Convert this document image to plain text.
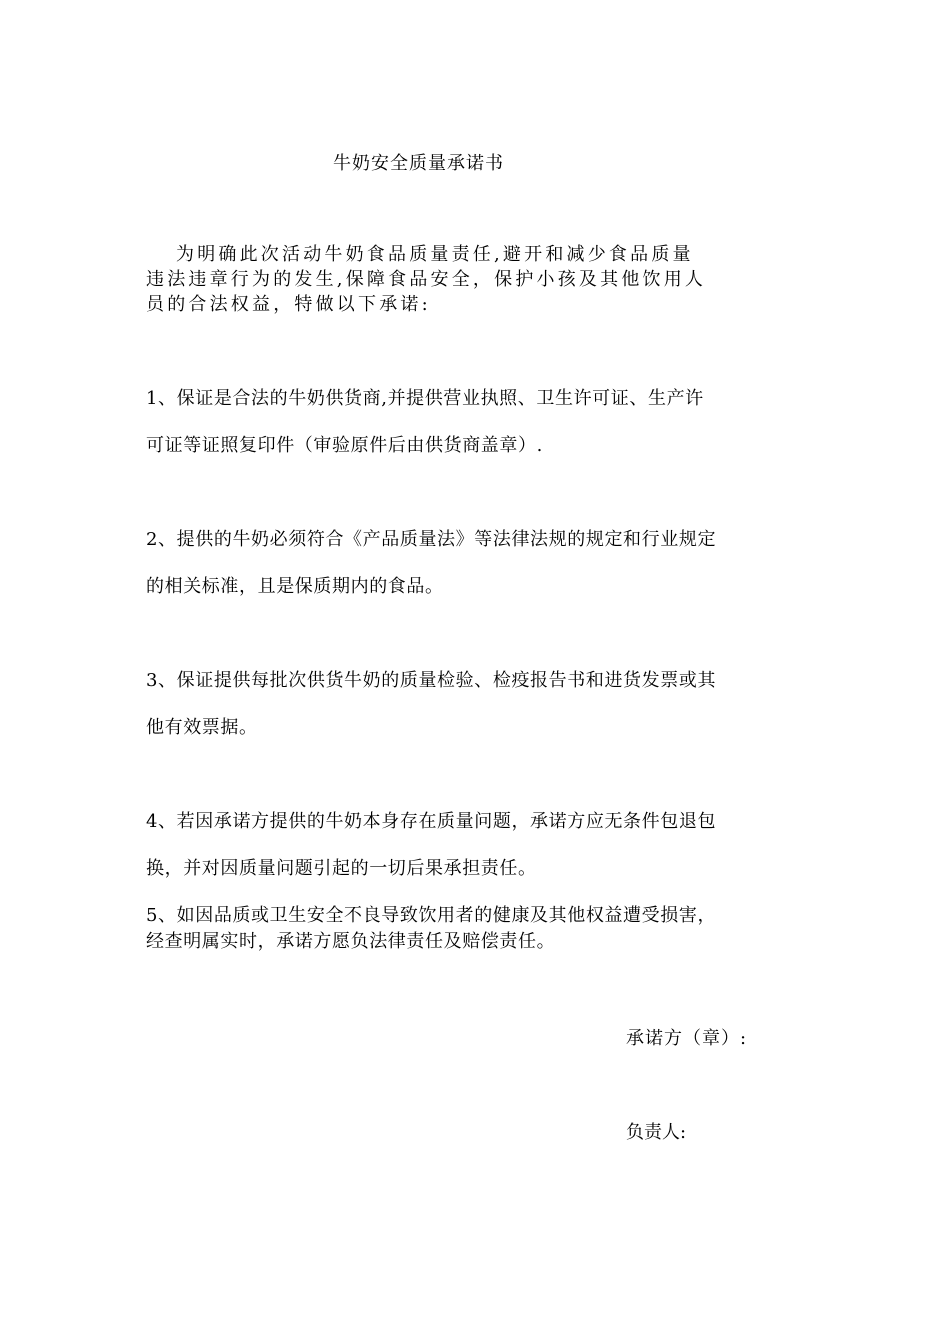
牛奶安全质量承诺书
为明确此次活动牛奶食品质量责任,避开和减少食品质量
违法违章行为的发生,保障食品安全，保护小孩及其他饮用人
员的合法权益，特做以下承诺:
1、保证是合法的牛奶供货商,并提供营业执照、卫生许可证、生产许
可证等证照复印件（审验原件后由供货商盖章）.
2、提供的牛奶必须符合《产品质量法》等法律法规的规定和行业规定
的相关标准，且是保质期内的食品。
3、保证提供每批次供货牛奶的质量检验、检疫报告书和进货发票或其
他有效票据。
4、若因承诺方提供的牛奶本身存在质量问题，承诺方应无条件包退包
换，并对因质量问题引起的一切后果承担责任。
5、如因品质或卫生安全不良导致饮用者的健康及其他权益遭受损害，
经查明属实时，承诺方愿负法律责任及赔偿责任。
承诺方（章）:
负责人:
